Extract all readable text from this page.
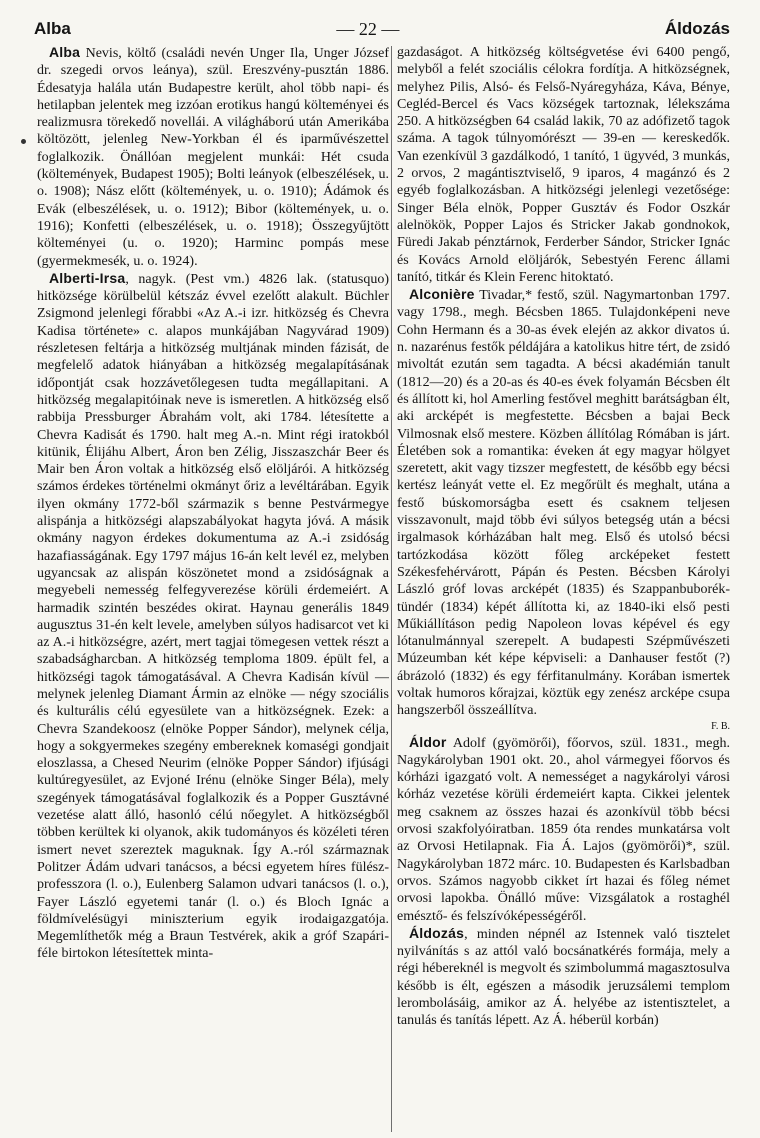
Alba	— 22 —	Áldozás

Alba Nevis, költő (családi nevén Unger Ila, Unger József dr. szegedi orvos leánya), szül. Ereszvény-pusztán 1886. Édesatyja halála után Budapestre került, ahol több napi- és hetilapban jelentek meg izzóan erotikus hangú költeményei és realizmusra törekedő novellái. A világháború után Amerikába költözött, jelenleg New-Yorkban él és iparművészettel foglalkozik. Önállóan megjelent munkái: Hét csuda (költemények, Budapest 1905); Bolti leányok (elbeszélések, u. o. 1908); Nász előtt (költemények, u. o. 1910); Ádámok és Evák (elbeszélések, u. o. 1912); Bibor (költemények, u. o. 1916); Konfetti (elbeszélések, u. o. 1918); Összegyűjtött költeményei (u. o. 1920); Harminc pompás mese (gyermekmesék, u. o. 1924).

Alberti-Irsa, nagyk. (Pest vm.) 4826 lak. (statusquo) hitközsége körülbelül kétszáz évvel ezelőtt alakult. Büchler Zsigmond jelenlegi főrabbi «Az A.-i izr. hitközség és Chevra Kadisa története» c. alapos munkájában Nagyvárad 1909) részletesen feltárja a hitközség multjának minden fázisát, de megfelelő adatok hiányában a hitközség megalapításának időpontját csak hozzávetőlegesen tudta megállapitani. A hitközség megalapitóinak neve is ismeretlen. A hitközség első rabbija Pressburger Ábrahám volt, aki 1784. létesítette a Chevra Kadisát és 1790. halt meg A.-n. Mint régi iratokból kitünik, Élijáhu Albert, Áron ben Zélig, Jisszaszchár Beer és Mair ben Áron voltak a hitközség első elöljárói. A hitközség számos érdekes történelmi okmányt őriz a levéltárában. Egyik ilyen okmány 1772-ből származik s benne Pestvármegye alispánja a hitközségi alapszabályokat hagyta jóvá. A másik okmány nagyon érdekes dokumentuma az A.-i zsidóság hazafiasságának. Egy 1797 május 16-án kelt levél ez, melyben ugyancsak az alispán köszönetet mond a zsidóságnak a megyebeli nemesség felfegyverezése körüli érdemeiért. A harmadik szintén beszédes okirat. Haynau generális 1849 augusztus 31-én kelt levele, amelyben súlyos hadisarcot vet ki az A.-i hitközségre, azért, mert tagjai tömegesen vettek részt a szabadságharcban. A hitközség temploma 1809. épült fel, a hitközségi tagok támogatásával. A Chevra Kadisán kívül — melynek jelenleg Diamant Ármin az elnöke — négy szociális és kulturális célú egyesülete van a hitközségnek. Ezek: a Chevra Szandekoosz (elnöke Popper Sándor), melynek célja, hogy a sokgyermekes szegény embereknek komaségi gondjait eloszlassa, a Chesed Neurim (elnöke Popper Sándor) ifjúsági kultúregyesület, az Evjoné Irénu (elnöke Singer Béla), mely szegények támogatásával foglalkozik és a Popper Gusztávné vezetése alatt álló, hasonló célú nőegylet. A hitközségből többen kerültek ki olyanok, akik tudományos és közéleti téren ismert nevet szereztek maguknak. Így A.-ról származnak Politzer Ádám udvari tanácsos, a bécsi egyetem híres fülész-professzora (l. o.), Eulenberg Salamon udvari tanácsos (l. o.), Fayer László egyetemi tanár (l. o.) és Bloch Ignác a földmívelésügyi miniszterium egyik irodaigazgatója. Megemlíthetők még a Braun Testvérek, akik a gróf Szapári-féle birtokon létesítettek minta-

gazdaságot. A hitközség költségvetése évi 6400 pengő, melyből a felét szociális célokra fordítja. A hitközségnek, melyhez Pilis, Alsó- és Felső-Nyáregyháza, Káva, Bénye, Cegléd-Bercel és Vacs községek tartoznak, lélekszáma 250. A hitközségben 64 család lakik, 70 az adófizető tagok száma. A tagok túlnyomórészt — 39-en — kereskedők. Van ezenkívül 3 gazdálkodó, 1 tanító, 1 ügyvéd, 3 munkás, 2 orvos, 2 magántisztviselő, 9 iparos, 4 magánzó és 2 egyéb foglalkozásban. A hitközségi jelenlegi vezetősége: Singer Béla elnök, Popper Gusztáv és Fodor Oszkár alelnökök, Popper Lajos és Stricker Jakab gondnokok, Füredi Jakab pénztárnok, Ferderber Sándor, Stricker Ignác és Kovács Arnold elöljárók, Sebestyén Ferenc állami tanító, titkár és Klein Ferenc hitoktató.

Alconière Tivadar,* festő, szül. Nagymartonban 1797. vagy 1798., megh. Bécsben 1865. Tulajdonképeni neve Cohn Hermann és a 30-as évek elején az akkor divatos ú. n. nazarénus festők példájára a katolikus hitre tért, de zsidó mivoltát ezután sem tagadta. A bécsi akadémián tanult (1812—20) és a 20-as és 40-es évek folyamán Bécsben élt és állított ki, hol Amerling festővel meghitt barátságban élt, aki arcképét is megfestette. Bécsben a bajai Beck Vilmosnak első mestere. Közben állítólag Rómában is járt. Életében sok a romantika: éveken át egy magyar hölgyet szeretett, akit vagy tizszer megfestett, de később egy bécsi kertész leányát vette el. Ez megőrült és meghalt, utána a festő búskomorságba esett és csaknem teljesen visszavonult, majd több évi súlyos betegség után a bécsi irgalmasok kórházában halt meg. Első és utolsó bécsi tartózkodása között főleg arcképeket festett Székesfehérvárott, Pápán és Pesten. Bécsben Károlyi László gróf lovas arcképét (1835) és Szappanbuborék-tündér (1834) képét állította ki, az 1840-iki első pesti Műkiállításon pedig Napoleon lovas képével és egy lótanulmánnyal szerepelt. A budapesti Szépművészeti Múzeumban két képe képviseli: a Danhauser festőt (?) ábrázoló (1832) és egy férfitanulmány. Korában ismertek voltak humoros kőrajzai, köztük egy zenész arcképe csupa hangszerből összeállítva.
F. B.

Áldor Adolf (gyömörői), főorvos, szül. 1831., megh. Nagykárolyban 1901 okt. 20., ahol vármegyei főorvos és kórházi igazgató volt. A nemességet a nagykárolyi városi kórház vezetése körüli érdemeiért kapta. Cikkei jelentek meg csaknem az összes hazai és azonkívül több bécsi orvosi szakfolyóiratban. 1859 óta rendes munkatársa volt az Orvosi Hetilapnak. Fia Á. Lajos (gyömörői)*, szül. Nagykárolyban 1872 márc. 10. Budapesten és Karlsbadban orvos. Számos nagyobb cikket írt hazai és főleg német orvosi lapokba. Önálló műve: Vizsgálatok a rostaghél emésztő- és felszívóképességéről.

Áldozás, minden népnél az Istennek való tisztelet nyilvánítás s az attól való bocsánatkérés formája, mely a régi hébereknél is megvolt és szimbolummá magasztosulva később is élt, egészen a második jeruzsálemi templom lerombolásáig, amikor az Á. helyébe az istentisztelet, a tanulás és tanítás lépett. Az Á. héberül korbán)
